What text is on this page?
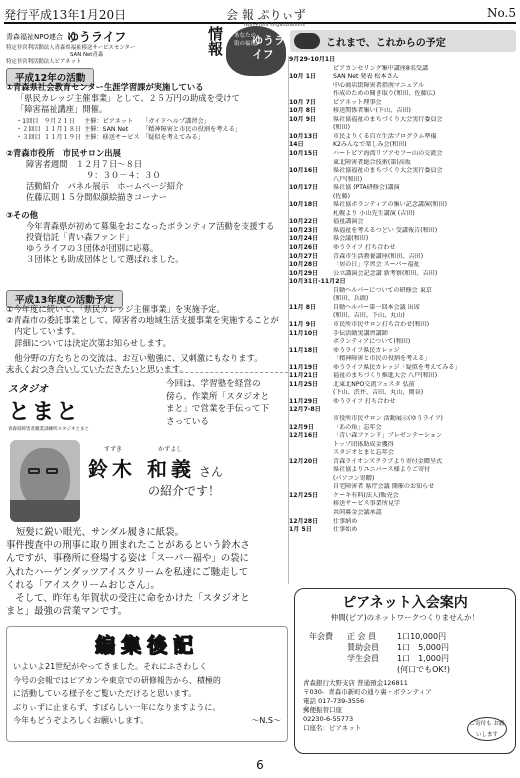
発行平成13年1月20日	会 報 ぷりぃず	No.5
青森福祉NPO連合 ゆうライフ
特定非営利活動法人青森県福祉移送サービスセンター
SAN Net青森
特定非営利活動法人ピアネット
情報	あなたの
街の福祉
Non-Profit Organizations
ゆうライフ
平成12年の活動
①青森県社会教育センター生涯学習課が実施している
「県民カレッジ主催事業」として、２５万円の助成を受けて
「障害福祉講座」開催。
・1回目 ９月２１日	主催：ピアネット	「ガイドヘルプ講習会」
・２回目 １１月１８日 主催：SAN Net	「精神障害と市民の役割を考える」
・３回目 １１月１９日 主催：移送サービス 「疑似を考えてみる」
②青森市役所　市民サロン出展
障害者週間　１２月７日～８日
９：３０－４：３０
活動紹介　パネル展示　ホームページ紹介
佐藤広則１５分間似顔絵描きコーナー
③その他
今年青森県が初めて募集をおこなったボランティア活動を支援する
投資信託「青い森ファンド」
ゆうライフの３団体が団別に応募。
３団体とも助成団体として選ばれました。
平成13年度の活動予定
①今年度に続いて、「県民カレッジ主催事業」を実施予定。
②青森市の委託事業として、障害者の地域生活支援事業を実施することが
　内定しています。
　詳細については決定次第お知らせします。
　他分野の方たちとの交流は、お互い勉強に、又刺激にもなります。
末永くおつき合いしていただきたいと思います。
スタジオ
とまと
青森県障害者職業訓練所スタジオとまと
今回は、学習塾を経営の
傍ら、作業所「スタジオと
まと」で営業を手伝って下
さっている
すずき	かずよし
鈴木 和義 さん
の紹介です！
短髪に鋭い眼光、サンダル履きに紙袋。
事件捜査中の刑事に取り囲まれたことがあるという鈴木さ
んですが、事務所に登場する姿は「スーパー福や」の袋に
入れたハーゲンダッツアイスクリームを私達にご馳走して
くれる「アイスクリームおじさん」。
　そして、昨年も年賀状の受注に命をかけた「スタジオと
まと」最強の営業マンです。
編集後記
いよいよ21世紀がやってきました。それにふさわしく
今号の会報ではピアカンや東京での研修報告から、積極的
に活動している様子をご覧いただけると思います。
ぶりぃずに止まらず、すばらしい一年になりますように。
今年もどうぞよろしくお願いします。	～N.S～
これまで、これからの予定
9月29-10月1日
ピアカンセリング集中講座8名受講
10月 1日	SAN Net 発表 松本さん
中心商店街障害者指南マニュアル
作成のための聞き取り(和田、佐藤広)
10月 7日	ピアネット理事会
10月 8日	移送関係者集い(下山、吉田)
10月 9日	県社協福祉のまちづくり大会実行委員会
(和田)
10月13日	市民よりくる自立生活プログラム準備
14日	K2みんなで楽しみ会(和田)
10月15日	ハートピア海湾リプアセフー山の交流会
東北障害者総合技術(第)高坂
10月16日	県社協福祉のまちづくり大会実行委員会
八戸(和田)
10月17日	県社協 (PTA研修会)講演
(佐藤)
10月18日	県社協ボランティアの集い記念講演(和田)
札幌より 小山先生講演 (吉田)
10月22日	福祉講演会
10月23日	県福祉を考えるつどい 受講報告(和田)
10月24日	県会議(和田)
10月26日	ゆうライフ 打ち合わせ
10月27日	青森市生活教養講座(和田、吉田)
10月28日	「居の日」学習会 スーパー福祉
10月29日	公立講演会記念講 新考察(和田、吉田)
10月31日-11月2日
自動ヘルパーについての研修会 東京
(和田、兵頭)
11月 8日	自動ヘルパー第一回本会議 出席
(和田、吉田、下山、丸山)
11月 9日	市民所市民サロン打ち合わせ(和田)
11月10日	手伝活動実講習講師
ボランティアについて(和田)
11月18日	ゆうライフ県民カレッジ
「精神障害と市民の役割を考える」
11月19日	ゆうライフ県民カレッジ「疑似を考えてみる」
11月21日	福祉のまちづくり推進大会 八戸(和田)
11月25日	北東北NPO交流フェスタ 弘前
(下山、渋井、吉田、丸山、岡谷)
11月29日	ゆうライフ 打ち合わせ
12月7-8日
市役所市民サロン 活動展示(ゆうライフ)
12月9日	「あの角」忘年会
12月16日	「青い森ファンド」プレゼンテーション
トップ団体助成金獲得
スタジオとまと忘年会
12月20日	青森ライオンズクラブより寄付金贈呈式
県社協よりユニバース様よりご寄付
(パソコン寄贈)
自宅障害者 県庁会議 開催のお知らせ
12月25日	ケーキ有料(法人)販売会
移送サービス事業所見学
共同募金会議承認
12月28日	仕事納め
1月 5日	仕事始め
ピアネット入会案内
仲間(ピア)のネットワークつくりませんか！
年会費	正 会 員	1口10,000円
賛助会員	1口　5,000円
学生会員	1口　1,000円
(何口でもOK!)
青森銀行大野支店 普通預金126811
〒030- 青森市新町の通り裏・ボランティア
電話 017-739-3556
郵便振替口座
02230-6-55773
口座名：ピアネット	ご寄付も お願いします
6
